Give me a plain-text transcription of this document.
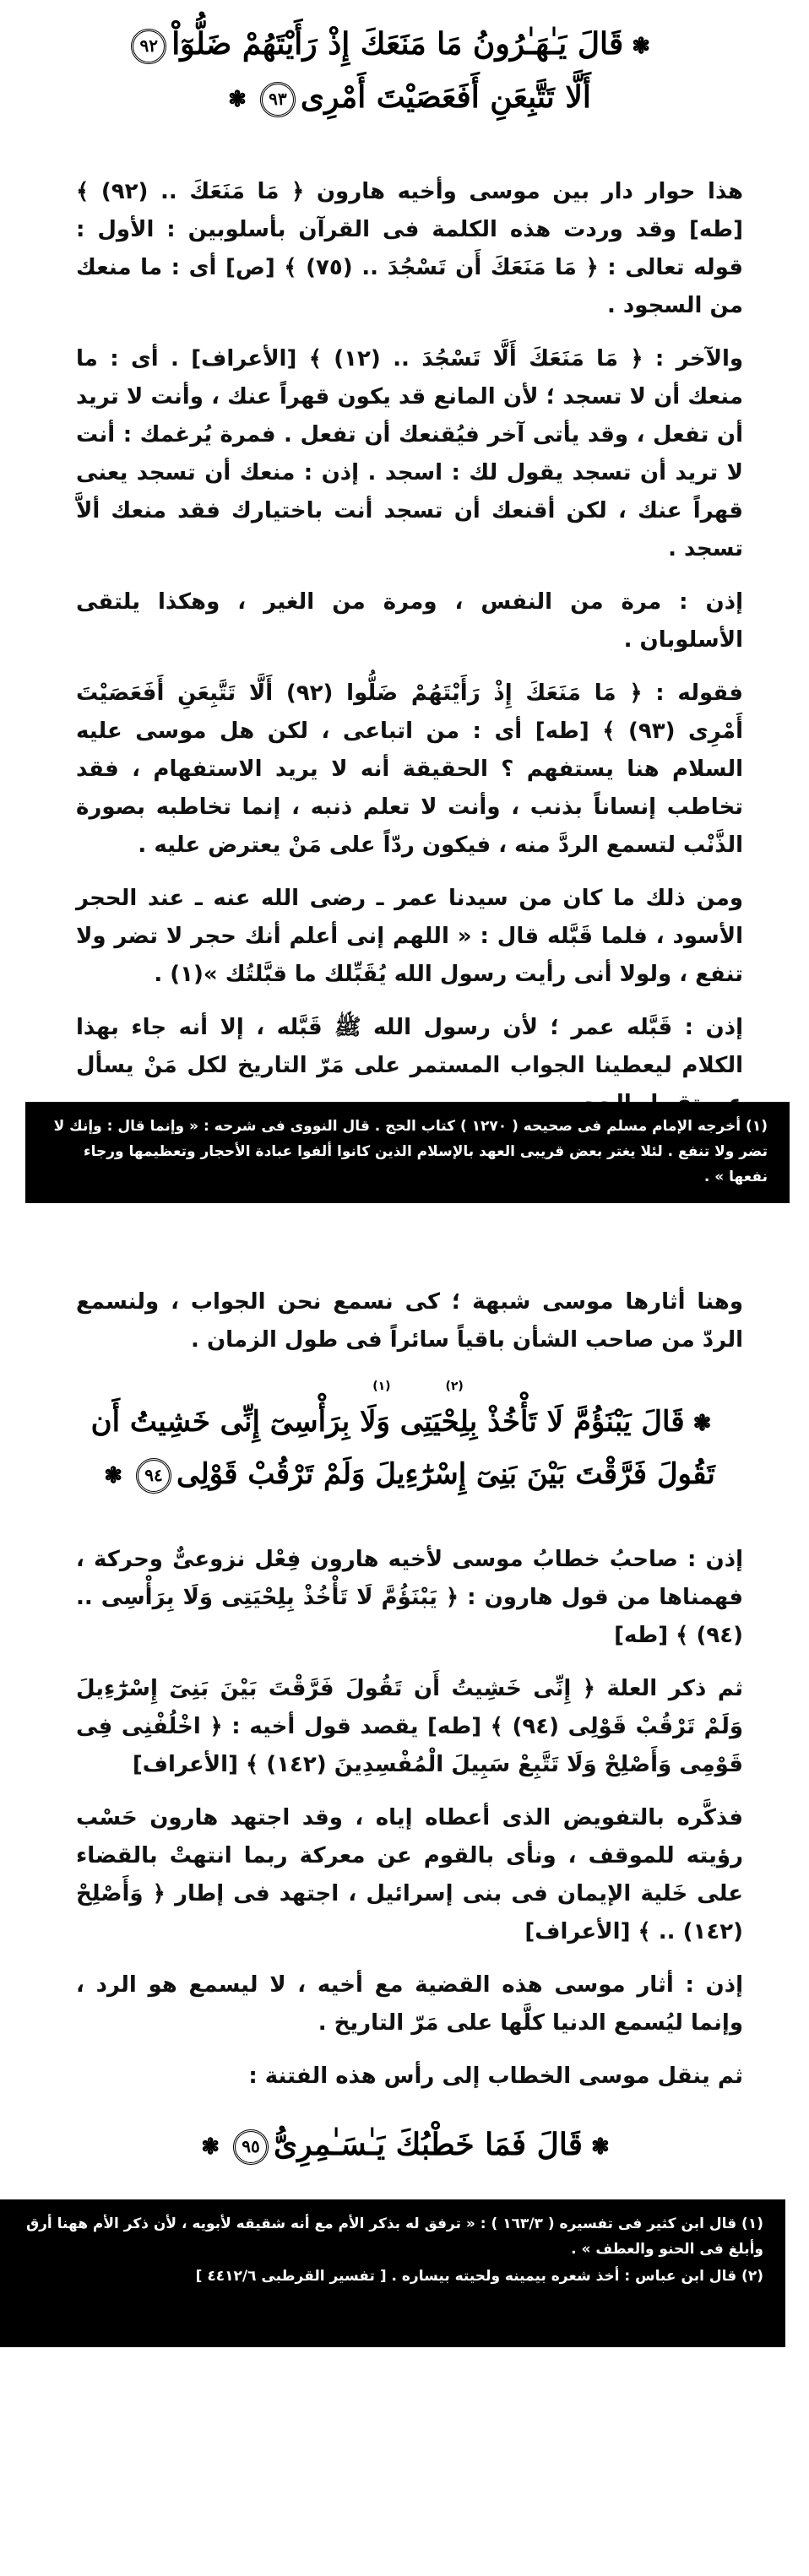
❃قَالَ يَـٰهَـٰرُونُ مَا مَنَعَكَ إِذْ رَأَيْتَهُمْ ضَلُّوٓاْ٩٢
أَلَّا تَتَّبِعَنِ أَفَعَصَيْتَ أَمْرِى٩٣❃

هذا حوار دار بين موسى وأخيه هارون ﴿ مَا مَنَعَكَ .. (٩٢) ﴾ [طه] وقد وردت هذه الكلمة فى القرآن بأسلوبين : الأول : قوله تعالى : ﴿ مَا مَنَعَكَ أَن تَسْجُدَ .. (٧٥) ﴾ [ص] أى : ما منعك من السجود .

والآخر : ﴿ مَا مَنَعَكَ أَلَّا تَسْجُدَ .. (١٢) ﴾ [الأعراف] . أى : ما منعك أن لا تسجد ؛ لأن المانع قد يكون قهراً عنك ، وأنت لا تريد أن تفعل ، وقد يأتى آخر فيُقنعك أن تفعل . فمرة يُرغمك : أنت لا تريد أن تسجد يقول لك : اسجد . إذن : منعك أن تسجد يعنى قهراً عنك ، لكن أقنعك أن تسجد أنت باختيارك فقد منعك ألاَّ تسجد .

إذن : مرة من النفس ، ومرة من الغير ، وهكذا يلتقى الأسلوبان .

فقوله : ﴿ مَا مَنَعَكَ إِذْ رَأَيْتَهُمْ ضَلُّوا (٩٢) أَلَّا تَتَّبِعَنِ أَفَعَصَيْتَ أَمْرِى (٩٣) ﴾ [طه] أى : من اتباعى ، لكن هل موسى عليه السلام هنا يستفهم ؟ الحقيقة أنه لا يريد الاستفهام ، فقد تخاطب إنساناً بذنب ، وأنت لا تعلم ذنبه ، إنما تخاطبه بصورة الذَّنْب لتسمع الردَّ منه ، فيكون ردّاً على مَنْ يعترض عليه .

ومن ذلك ما كان من سيدنا عمر ـ رضى الله عنه ـ عند الحجر الأسود ، فلما قَبَّله قال : « اللهم إنى أعلم أنك حجر لا تضر ولا تنفع ، ولولا أنى رأيت رسول الله يُقَبِّلك ما قبَّلتُك »(١) .

إذن : قَبَّله عمر ؛ لأن رسول الله ﷺ قَبَّله ، إلا أنه جاء بهذا الكلام ليعطينا الجواب المستمر على مَرّ التاريخ لكل مَنْ يسأل

(١) أخرجه الإمام مسلم فى صحيحه ( ١٢٧٠ ) كتاب الحج . قال النووى فى شرحه : « وإنما قال : وإنك لا تضر ولا تنفع . لئلا يغتر بعض قريبى العهد بالإسلام الذين كانوا ألفوا عبادة الأحجار وتعظيمها ورجاء نفعها » .

وهنا أثارها موسى شبهة ؛ كى نسمع نحن الجواب ، ولنسمع الردّ من صاحب الشأن باقياً سائراً فى طول الزمان .

(٢) (١)
❃قَالَ يَبْنَؤُمَّ لَا تَأْخُذْ بِلِحْيَتِى وَلَا بِرَأْسِىٓ إِنِّى خَشِيتُ أَن
تَقُولَ فَرَّقْتَ بَيْنَ بَنِىٓ إِسْرَٰٓءِيلَ وَلَمْ تَرْقُبْ قَوْلِى٩٤❃

إذن : صاحبُ خطابُ موسى لأخيه هارون فِعْل نزوعىٌّ وحركة ، فهمناها من قول هارون : ﴿ يَبْنَؤُمَّ لَا تَأْخُذْ بِلِحْيَتِى وَلَا بِرَأْسِى .. (٩٤) ﴾ [طه]

ثم ذكر العلة ﴿ إِنِّى خَشِيتُ أَن تَقُولَ فَرَّقْتَ بَيْنَ بَنِىٓ إِسْرَٰٓءِيلَ وَلَمْ تَرْقُبْ قَوْلِى (٩٤) ﴾ [طه] يقصد قول أخيه : ﴿ اخْلُفْنِى فِى قَوْمِى وَأَصْلِحْ وَلَا تَتَّبِعْ سَبِيلَ الْمُفْسِدِينَ (١٤٢) ﴾ [الأعراف]

فذكَّره بالتفويض الذى أعطاه إياه ، وقد اجتهد هارون حَسْب رؤيته للموقف ، ونأى بالقوم عن معركة ربما انتهتْ بالقضاء على خَلية الإيمان فى بنى إسرائيل ، اجتهد فى إطار ﴿ وَأَصْلِحْ (١٤٢) .. ﴾ [الأعراف]

إذن : أثار موسى هذه القضية مع أخيه ، لا ليسمع هو الرد ، وإنما ليُسمع الدنيا كلَّها على مَرّ التاريخ .

ثم ينقل موسى الخطاب إلى رأس هذه الفتنة :

❃قَالَ فَمَا خَطْبُكَ يَـٰسَـٰمِرِىُّ٩٥❃

(١) قال ابن كثير فى تفسيره ( ١٦٣/٣ ) : « ترفق له بذكر الأم مع أنه شقيقه لأبويه ، لأن ذكر الأم ههنا أرق وأبلغ فى الحنو والعطف » .

(٢) قال ابن عباس : أخذ شعره بيمينه ولحيته بيساره . [ تفسير القرطبى ٤٤١٢/٦ ]
